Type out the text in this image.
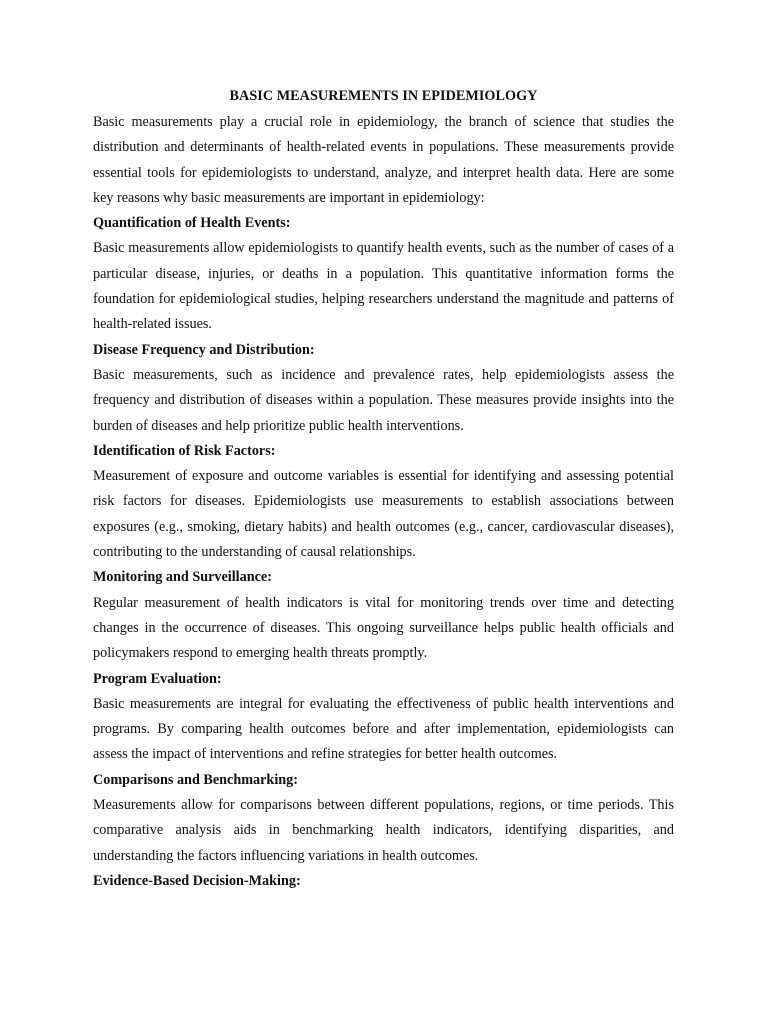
BASIC MEASUREMENTS IN EPIDEMIOLOGY

Basic measurements play a crucial role in epidemiology, the branch of science that studies the distribution and determinants of health-related events in populations. These measurements provide essential tools for epidemiologists to understand, analyze, and interpret health data. Here are some key reasons why basic measurements are important in epidemiology:

Quantification of Health Events:

Basic measurements allow epidemiologists to quantify health events, such as the number of cases of a particular disease, injuries, or deaths in a population. This quantitative information forms the foundation for epidemiological studies, helping researchers understand the magnitude and patterns of health-related issues.

Disease Frequency and Distribution:

Basic measurements, such as incidence and prevalence rates, help epidemiologists assess the frequency and distribution of diseases within a population. These measures provide insights into the burden of diseases and help prioritize public health interventions.

Identification of Risk Factors:

Measurement of exposure and outcome variables is essential for identifying and assessing potential risk factors for diseases. Epidemiologists use measurements to establish associations between exposures (e.g., smoking, dietary habits) and health outcomes (e.g., cancer, cardiovascular diseases), contributing to the understanding of causal relationships.

Monitoring and Surveillance:

Regular measurement of health indicators is vital for monitoring trends over time and detecting changes in the occurrence of diseases. This ongoing surveillance helps public health officials and policymakers respond to emerging health threats promptly.

Program Evaluation:

Basic measurements are integral for evaluating the effectiveness of public health interventions and programs. By comparing health outcomes before and after implementation, epidemiologists can assess the impact of interventions and refine strategies for better health outcomes.

Comparisons and Benchmarking:

Measurements allow for comparisons between different populations, regions, or time periods. This comparative analysis aids in benchmarking health indicators, identifying disparities, and understanding the factors influencing variations in health outcomes.

Evidence-Based Decision-Making:
